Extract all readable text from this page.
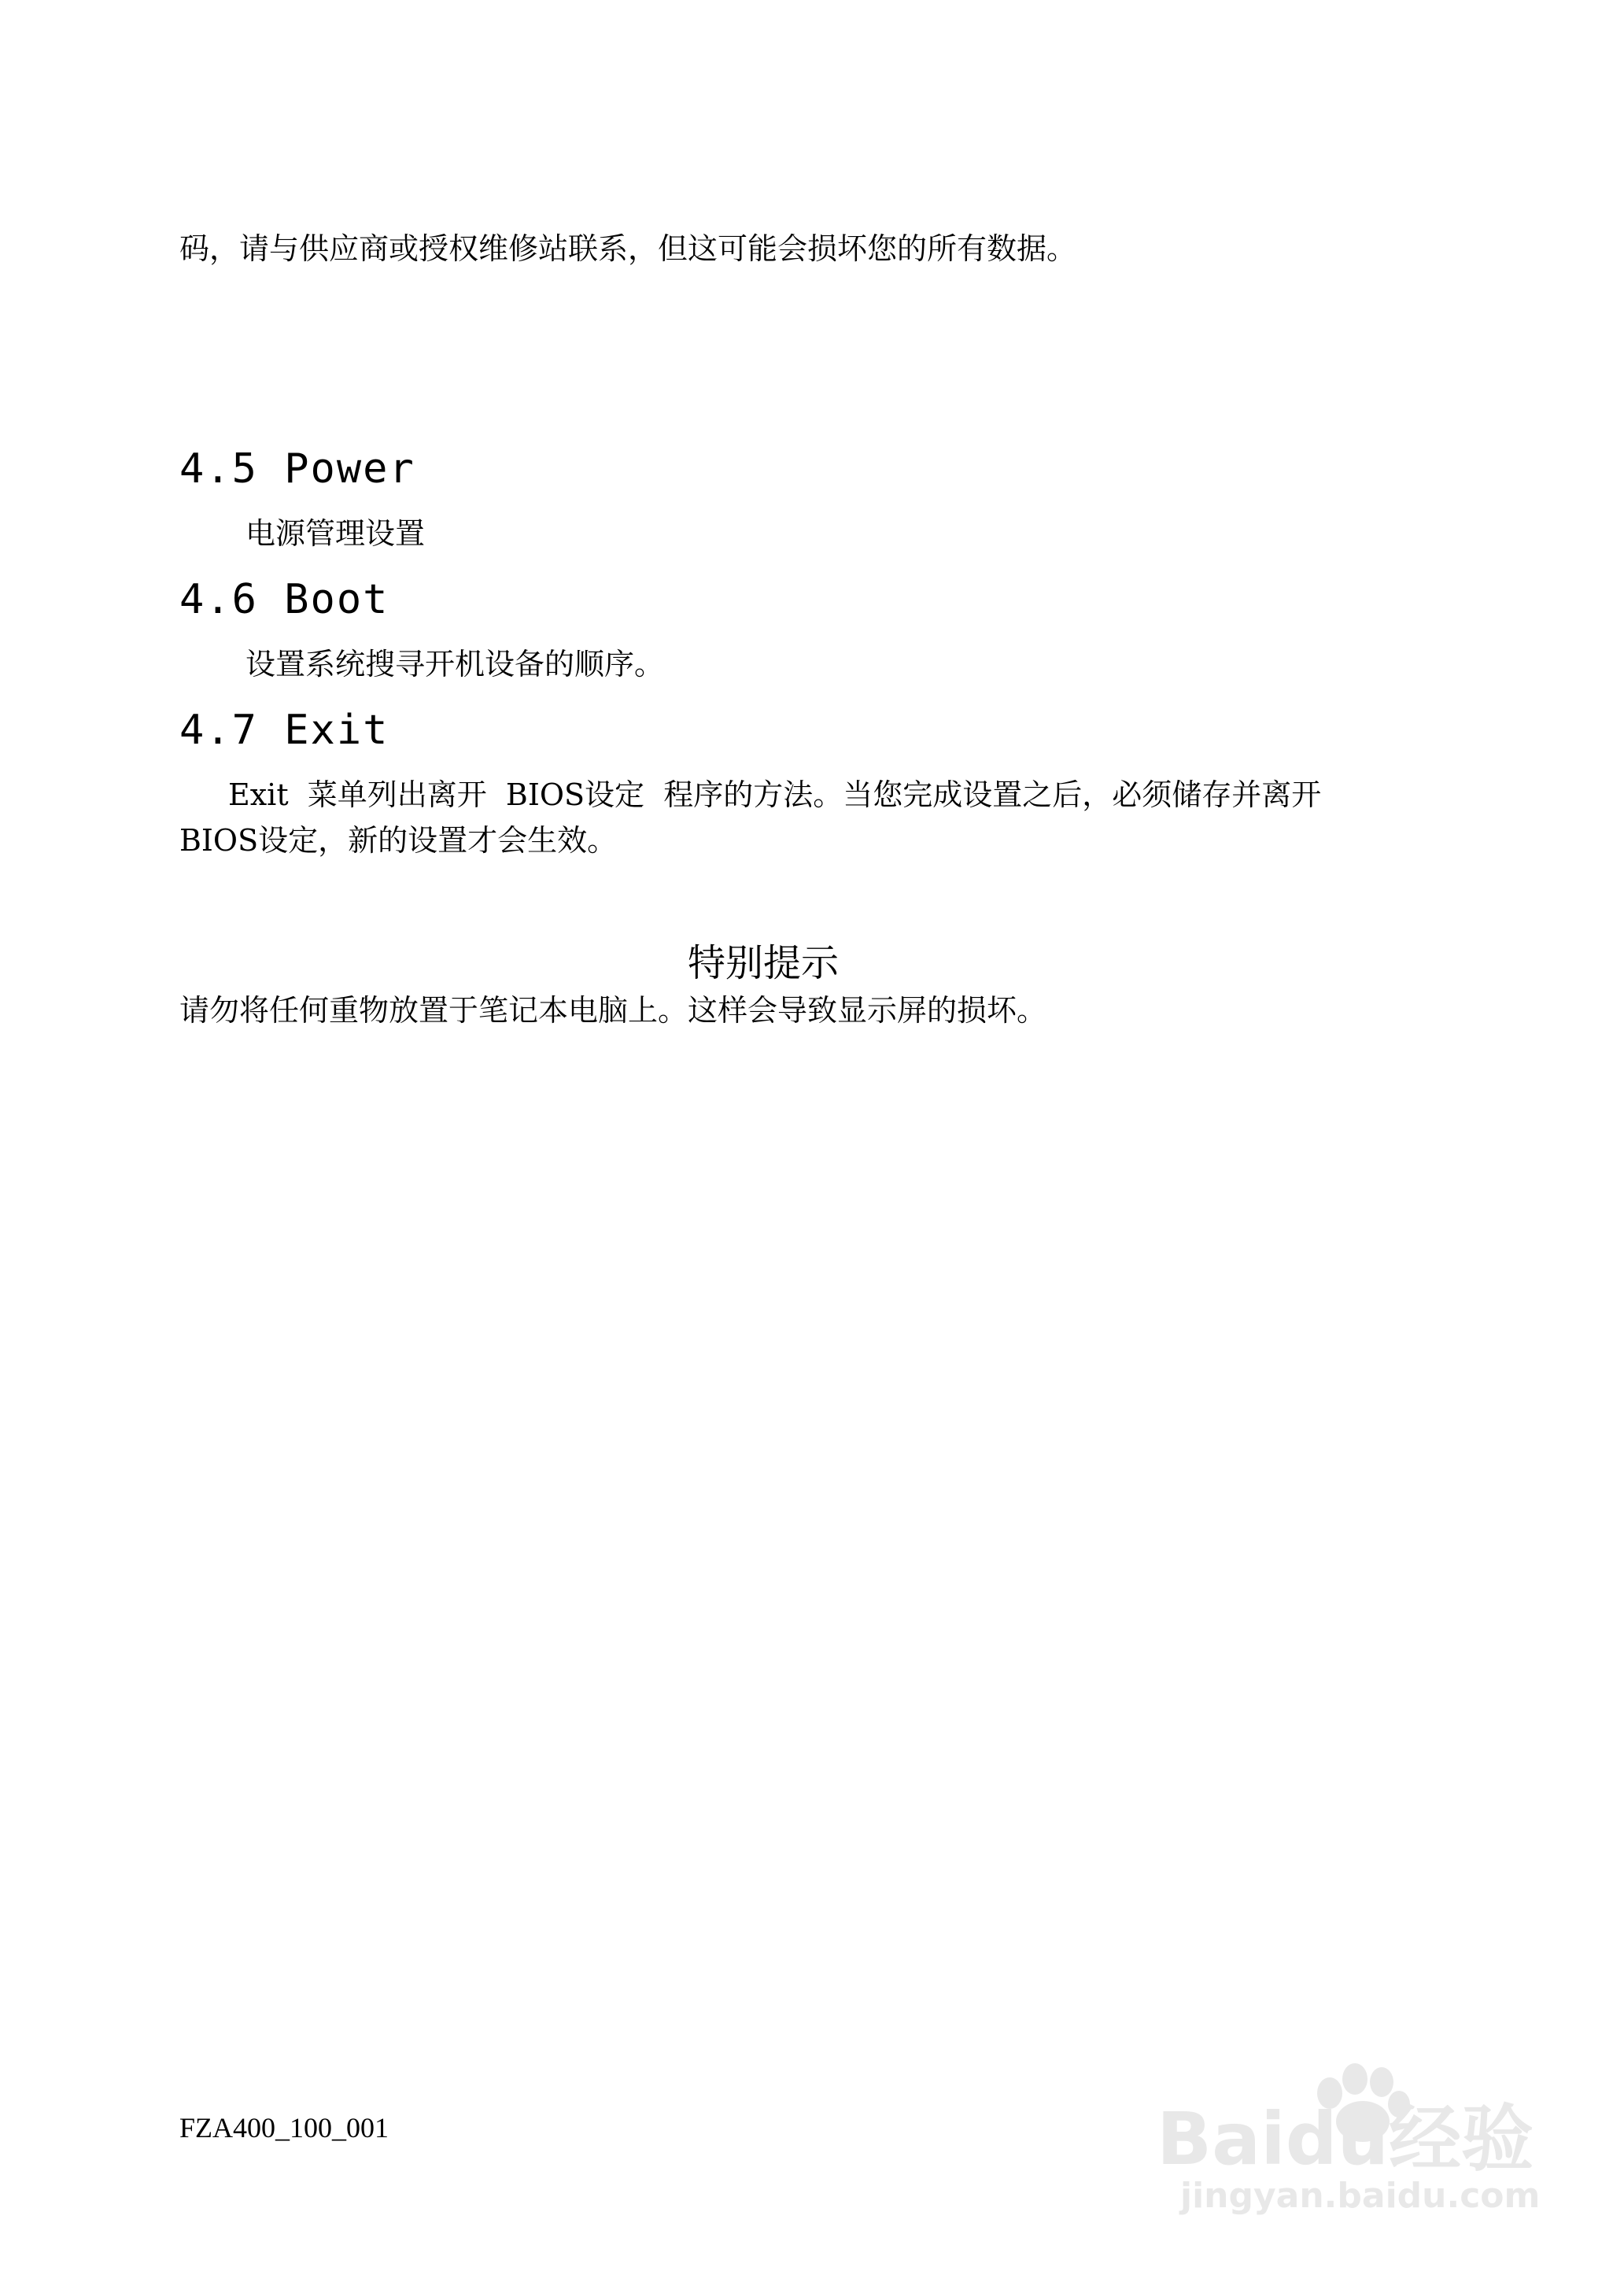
码，请与供应商或授权维修站联系，但这可能会损坏您的所有数据。
4.5 Power
电源管理设置
4.6 Boot
设置系统搜寻开机设备的顺序。
4.7 Exit
Exit  菜单列出离开  BIOS设定  程序的方法。当您完成设置之后，必须储存并离开
BIOS设定，新的设置才会生效。
特别提示
请勿将任何重物放置于笔记本电脑上。这样会导致显示屏的损坏。
FZA400_100_001	Baidu经验
jingyan.baidu.com
